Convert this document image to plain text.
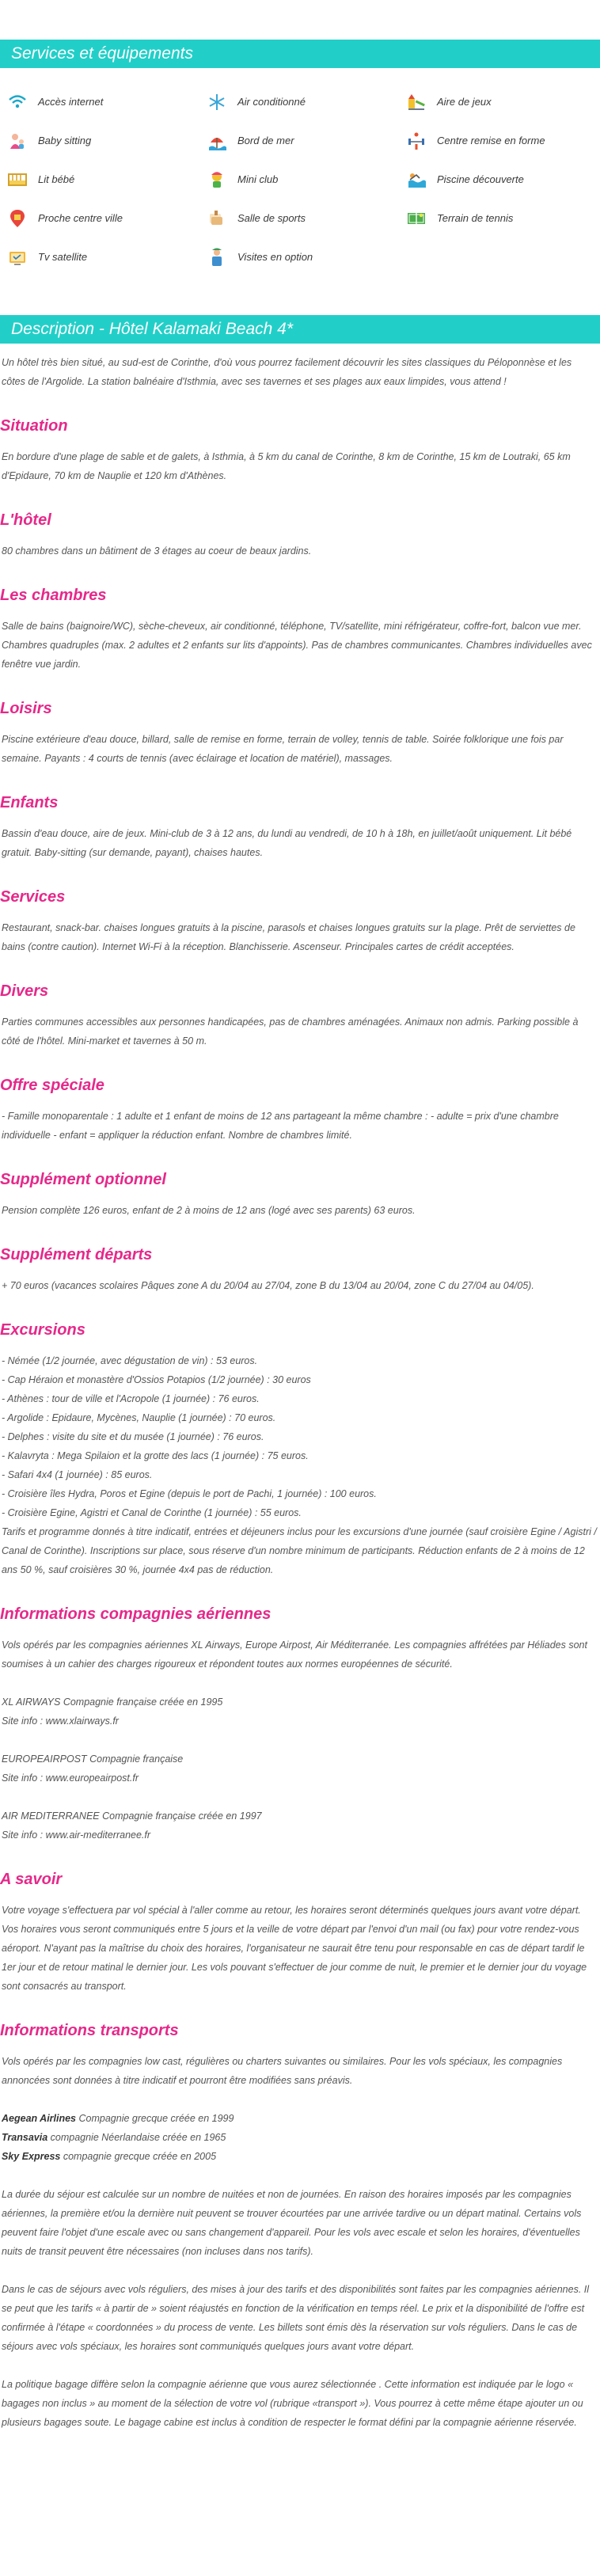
Services et équipements
Accès internet	Air conditionné	Aire de jeux
Baby sitting	Bord de mer	Centre remise en forme
Lit bébé	Mini club	Piscine découverte
Proche centre ville	Salle de sports	Terrain de tennis
Tv satellite	Visites en option
Description - Hôtel Kalamaki Beach 4*

Un hôtel très bien situé, au sud-est de Corinthe, d'où vous pourrez facilement découvrir les sites classiques du Péloponnèse et les côtes de l'Argolide. La station balnéaire d'Isthmia, avec ses tavernes et ses plages aux eaux limpides, vous attend !

Situation

En bordure d'une plage de sable et de galets, à Isthmia, à 5 km du canal de Corinthe, 8 km de Corinthe, 15 km de Loutraki, 65 km d'Epidaure, 70 km de Nauplie et 120 km d'Athènes.

L'hôtel

80 chambres dans un bâtiment de 3 étages au coeur de beaux jardins.

Les chambres

Salle de bains (baignoire/WC), sèche-cheveux, air conditionné, téléphone, TV/satellite, mini réfrigérateur, coffre-fort, balcon vue mer. Chambres quadruples (max. 2 adultes et 2 enfants sur lits d'appoints). Pas de chambres communicantes. Chambres individuelles avec fenêtre vue jardin.

Loisirs

Piscine extérieure d'eau douce, billard, salle de remise en forme, terrain de volley, tennis de table. Soirée folklorique une fois par semaine. Payants : 4 courts de tennis (avec éclairage et location de matériel), massages.

Enfants

Bassin d'eau douce, aire de jeux. Mini-club de 3 à 12 ans, du lundi au vendredi, de 10 h à 18h, en juillet/août uniquement. Lit bébé gratuit. Baby-sitting (sur demande, payant), chaises hautes.

Services

Restaurant, snack-bar. chaises longues gratuits à la piscine, parasols et chaises longues gratuits sur la plage. Prêt de serviettes de bains (contre caution). Internet Wi-Fi à la réception. Blanchisserie. Ascenseur. Principales cartes de crédit acceptées.

Divers

Parties communes accessibles aux personnes handicapées, pas de chambres aménagées. Animaux non admis. Parking possible à côté de l'hôtel. Mini-market et tavernes à 50 m.

Offre spéciale

- Famille monoparentale : 1 adulte et 1 enfant de moins de 12 ans partageant la même chambre : - adulte = prix d'une chambre individuelle - enfant = appliquer la réduction enfant. Nombre de chambres limité.

Supplément optionnel

Pension complète 126 euros, enfant de 2 à moins de 12 ans (logé avec ses parents) 63 euros.

Supplément départs

+ 70 euros (vacances scolaires Pâques zone A du 20/04 au 27/04, zone B du 13/04 au 20/04, zone C du 27/04 au 04/05).

Excursions

- Némée (1/2 journée, avec dégustation de vin) : 53 euros.

- Cap Héraion et monastère d'Ossios Potapios (1/2 journée) : 30 euros

- Athènes : tour de ville et l'Acropole (1 journée) : 76 euros.

- Argolide : Epidaure, Mycènes, Nauplie (1 journée) : 70 euros.

- Delphes : visite du site et du musée (1 journée) : 76 euros.

- Kalavryta : Mega Spilaion et la grotte des lacs (1 journée) : 75 euros.

- Safari 4x4 (1 journée) : 85 euros.

- Croisière îles Hydra, Poros et Egine (depuis le port de Pachi, 1 journée) : 100 euros.

- Croisière Egine, Agistri et Canal de Corinthe (1 journée) : 55 euros.

Tarifs et programme donnés à titre indicatif, entrées et déjeuners inclus pour les excursions d'une journée (sauf croisière Egine / Agistri / Canal de Corinthe). Inscriptions sur place, sous réserve d'un nombre minimum de participants. Réduction enfants de 2 à moins de 12 ans 50 %, sauf croisières 30 %, journée 4x4 pas de réduction.

Informations compagnies aériennes

Vols opérés par les compagnies aériennes XL Airways, Europe Airpost, Air Méditerranée. Les compagnies affrétées par Héliades sont soumises à un cahier des charges rigoureux et répondent toutes aux normes européennes de sécurité.

XL AIRWAYS Compagnie française créée en 1995

Site info : www.xlairways.fr

EUROPEAIRPOST Compagnie française

Site info : www.europeairpost.fr

AIR MEDITERRANEE Compagnie française créée en 1997

Site info : www.air-mediterranee.fr

A savoir

Votre voyage s'effectuera par vol spécial à l'aller comme au retour, les horaires seront déterminés quelques jours avant votre départ. Vos horaires vous seront communiqués entre 5 jours et la veille de votre départ par l'envoi d'un mail (ou fax) pour votre rendez-vous aéroport. N'ayant pas la maîtrise du choix des horaires, l'organisateur ne saurait être tenu pour responsable en cas de départ tardif le 1er jour et de retour matinal le dernier jour. Les vols pouvant s'effectuer de jour comme de nuit, le premier et le dernier jour du voyage sont consacrés au transport.

Informations transports

Vols opérés par les compagnies low cast, régulières ou charters suivantes ou similaires. Pour les vols spéciaux, les compagnies annoncées sont données à titre indicatif et pourront être modifiées sans préavis.

Aegean Airlines Compagnie grecque créée en 1999

Transavia compagnie Néerlandaise créée en 1965

Sky Express compagnie grecque créée en 2005

La durée du séjour est calculée sur un nombre de nuitées et non de journées. En raison des horaires imposés par les compagnies aériennes, la première et/ou la dernière nuit peuvent se trouver écourtées par une arrivée tardive ou un départ matinal. Certains vols peuvent faire l'objet d'une escale avec ou sans changement d'appareil. Pour les vols avec escale et selon les horaires, d'éventuelles nuits de transit peuvent être nécessaires (non incluses dans nos tarifs).

Dans le cas de séjours avec vols réguliers, des mises à jour des tarifs et des disponibilités sont faites par les compagnies aériennes. Il se peut que les tarifs « à partir de » soient réajustés en fonction de la vérification en temps réel. Le prix et la disponibilité de l'offre est confirmée à l'étape « coordonnées » du process de vente. Les billets sont émis dès la réservation sur vols réguliers. Dans le cas de séjours avec vols spéciaux, les horaires sont communiqués quelques jours avant votre départ.

La politique bagage diffère selon la compagnie aérienne que vous aurez sélectionnée . Cette information est indiquée par le logo « bagages non inclus » au moment de la sélection de votre vol (rubrique «transport »). Vous pourrez à cette même étape ajouter un ou plusieurs bagages soute. Le bagage cabine est inclus à condition de respecter le format défini par la compagnie aérienne réservée.
